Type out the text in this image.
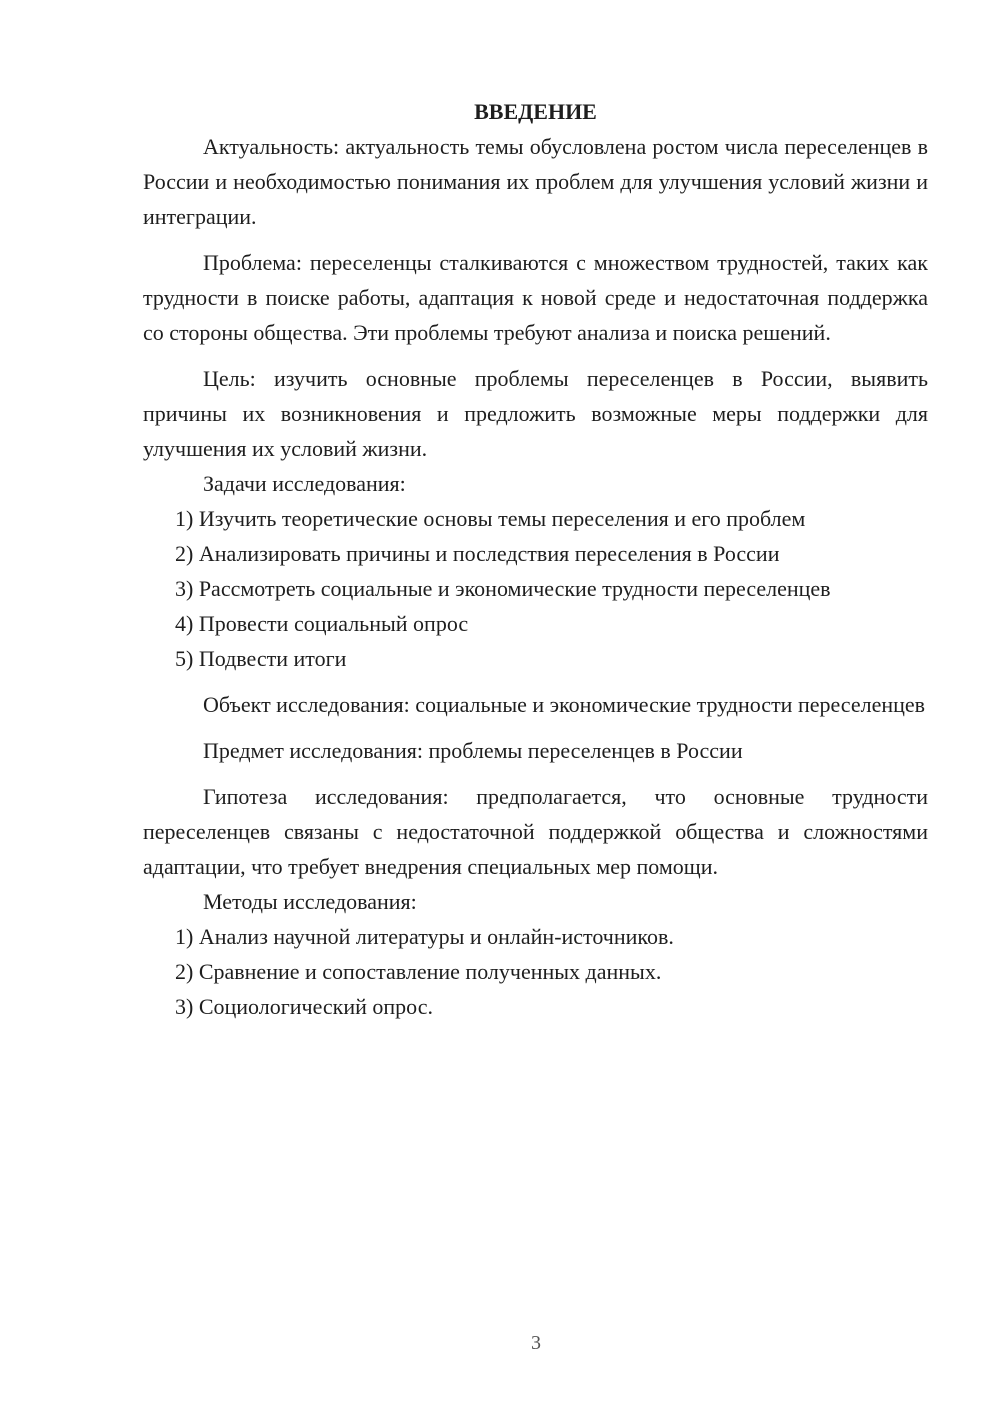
ВВЕДЕНИЕ

Актуальность: актуальность темы обусловлена ростом числа переселенцев в России и необходимостью понимания их проблем для улучшения условий жизни и интеграции.

Проблема: переселенцы сталкиваются с множеством трудностей, таких как трудности в поиске работы, адаптация к новой среде и недостаточная поддержка со стороны общества. Эти проблемы требуют анализа и поиска решений.

Цель: изучить основные проблемы переселенцев в России, выявить причины их возникновения и предложить возможные меры поддержки для улучшения их условий жизни.

Задачи исследования:

1) Изучить теоретические основы темы переселения и его проблем

2) Анализировать причины и последствия переселения в России

3) Рассмотреть социальные и экономические трудности переселенцев

4) Провести социальный опрос

5) Подвести итоги

Объект исследования: социальные и экономические трудности переселенцев

Предмет исследования: проблемы переселенцев в России

Гипотеза исследования: предполагается, что основные трудности переселенцев связаны с недостаточной поддержкой общества и сложностями адаптации, что требует внедрения специальных мер помощи.

Методы исследования:

1) Анализ научной литературы и онлайн-источников.

2) Сравнение и сопоставление полученных данных.

3) Социологический опрос.

3
